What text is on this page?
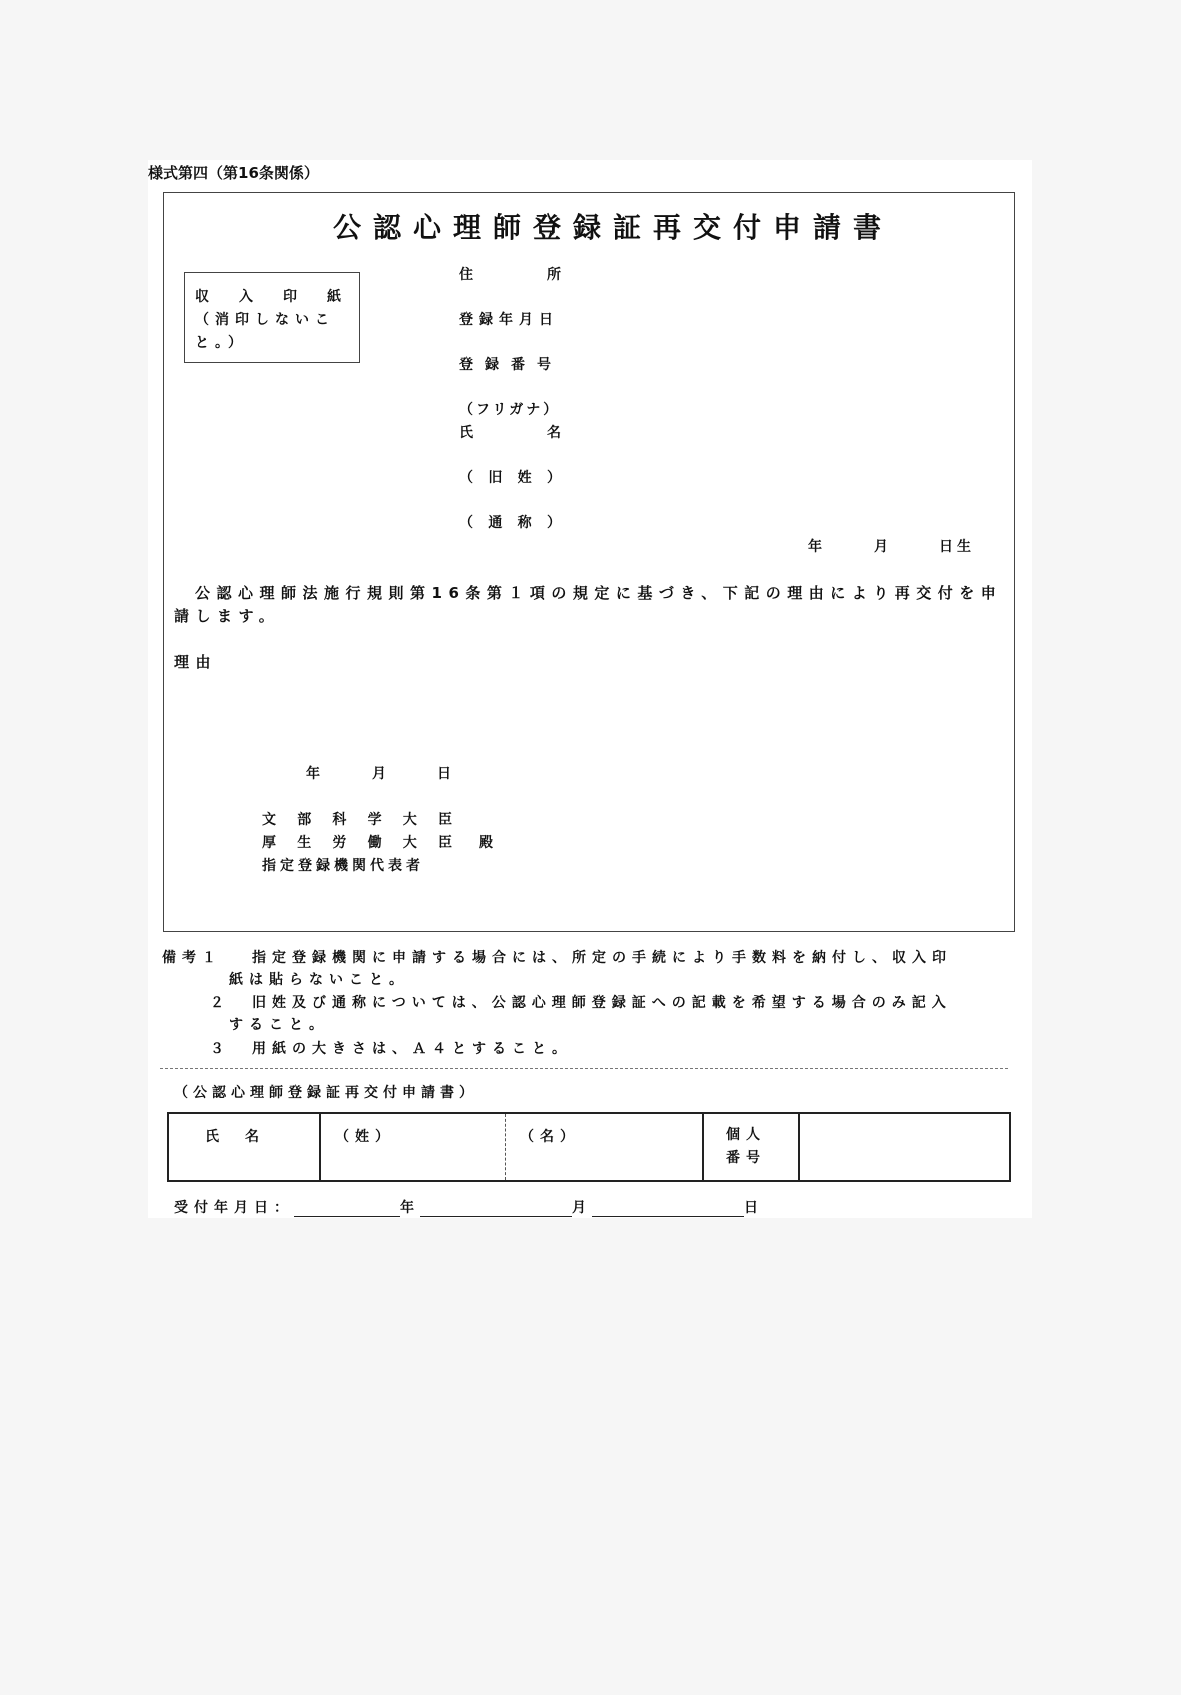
様式第四（第16条関係）
公認心理師登録証再交付申請書
収　入　印　紙
（消印しないこ
と。）
住	所
登録年月日
登録番号
（フリガナ）
氏	名
（ 旧 姓 ）
（ 通 称 ）
年	月	日生
公認心理師法施行規則第16条第１項の規定に基づき、下記の理由により再交付を申
請します。
理由
年	月	日
文 部 科 学 大 臣
厚 生 労 働 大 臣 殿
指定登録機関代表者
備考１ 指定登録機関に申請する場合には、所定の手続により手数料を納付し、収入印
紙は貼らないこと。
２ 旧姓及び通称については、公認心理師登録証への記載を希望する場合のみ記入
すること。
３ 用紙の大きさは、Ａ４とすること。
（公認心理師登録証再交付申請書）
氏　名	（姓）	（名）	個人
番号

受付年月日：	年	月	日
